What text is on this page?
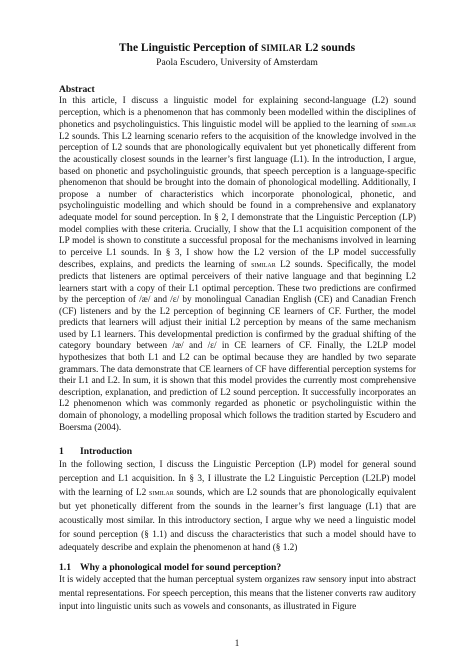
The Linguistic Perception of SIMILAR L2 sounds
Paola Escudero, University of Amsterdam
Abstract
In this article, I discuss a linguistic model for explaining second-language (L2) sound perception, which is a phenomenon that has commonly been modelled within the disciplines of phonetics and psycholinguistics. This linguistic model will be applied to the learning of similar L2 sounds. This L2 learning scenario refers to the acquisition of the knowledge involved in the perception of L2 sounds that are phonologically equivalent but yet phonetically different from the acoustically closest sounds in the learner’s first language (L1). In the introduction, I argue, based on phonetic and psycholinguistic grounds, that speech perception is a language-specific phenomenon that should be brought into the domain of phonological modelling. Additionally, I propose a number of characteristics which incorporate phonological, phonetic, and psycholinguistic modelling and which should be found in a comprehensive and explanatory adequate model for sound perception. In § 2, I demonstrate that the Linguistic Perception (LP) model complies with these criteria. Crucially, I show that the L1 acquisition component of the LP model is shown to constitute a successful proposal for the mechanisms involved in learning to perceive L1 sounds. In § 3, I show how the L2 version of the LP model successfully describes, explains, and predicts the learning of similar L2 sounds. Specifically, the model predicts that listeners are optimal perceivers of their native language and that beginning L2 learners start with a copy of their L1 optimal perception. These two predictions are confirmed by the perception of /æ/ and /ɛ/ by monolingual Canadian English (CE) and Canadian French (CF) listeners and by the L2 perception of beginning CE learners of CF. Further, the model predicts that learners will adjust their initial L2 perception by means of the same mechanism used by L1 learners. This developmental prediction is confirmed by the gradual shifting of the category boundary between /æ/ and /ɛ/ in CE learners of CF. Finally, the L2LP model hypothesizes that both L1 and L2 can be optimal because they are handled by two separate grammars. The data demonstrate that CE learners of CF have differential perception systems for their L1 and L2. In sum, it is shown that this model provides the currently most comprehensive description, explanation, and prediction of L2 sound perception. It successfully incorporates an L2 phenomenon which was commonly regarded as phonetic or psycholinguistic within the domain of phonology, a modelling proposal which follows the tradition started by Escudero and Boersma (2004).
1 Introduction
In the following section, I discuss the Linguistic Perception (LP) model for general sound perception and L1 acquisition. In § 3, I illustrate the L2 Linguistic Perception (L2LP) model with the learning of L2 similar sounds, which are L2 sounds that are phonologically equivalent but yet phonetically different from the sounds in the learner’s first language (L1) that are acoustically most similar. In this introductory section, I argue why we need a linguistic model for sound perception (§ 1.1) and discuss the characteristics that such a model should have to adequately describe and explain the phenomenon at hand (§ 1.2)
1.1 Why a phonological model for sound perception?
It is widely accepted that the human perceptual system organizes raw sensory input into abstract mental representations. For speech perception, this means that the listener converts raw auditory input into linguistic units such as vowels and consonants, as illustrated in Figure
1
